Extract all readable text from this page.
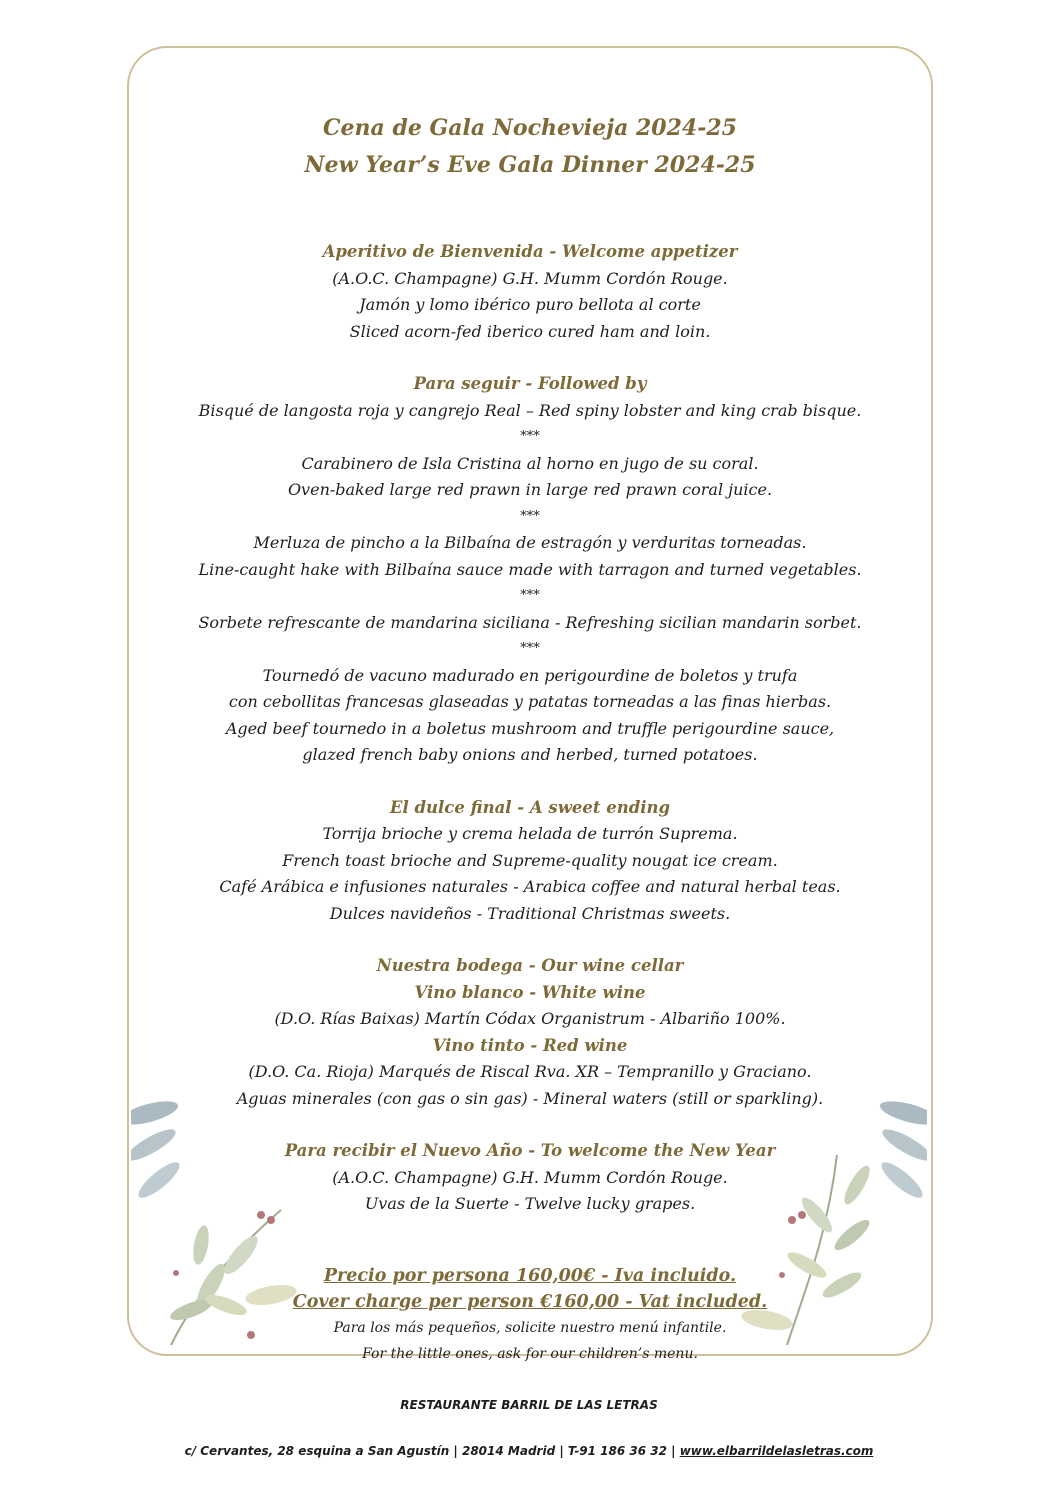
Cena de Gala Nochevieja 2024-25
New Year’s Eve Gala Dinner 2024-25
Aperitivo de Bienvenida - Welcome appetizer
(A.O.C. Champagne) G.H. Mumm Cordón Rouge.
Jamón y lomo ibérico puro bellota al corte
Sliced acorn-fed iberico cured ham and loin.
Para seguir - Followed by
Bisqué de langosta roja y cangrejo Real – Red spiny lobster and king crab bisque.
***
Carabinero de Isla Cristina al horno en jugo de su coral.
Oven-baked large red prawn in large red prawn coral juice.
***
Merluza de pincho a la Bilbaína de estragón y verduritas torneadas.
Line-caught hake with Bilbaína sauce made with tarragon and turned vegetables.
***
Sorbete refrescante de mandarina siciliana - Refreshing sicilian mandarin sorbet.
***
Tournedó de vacuno madurado en perigourdine de boletos y trufa
con cebollitas francesas glaseadas y patatas torneadas a las finas hierbas.
Aged beef tournedo in a boletus mushroom and truffle perigourdine sauce,
glazed french baby onions and herbed, turned potatoes.
El dulce final - A sweet ending
Torrija brioche y crema helada de turrón Suprema.
French toast brioche and Supreme-quality nougat ice cream.
Café Arábica e infusiones naturales - Arabica coffee and natural herbal teas.
Dulces navideños - Traditional Christmas sweets.
Nuestra bodega - Our wine cellar
Vino blanco - White wine
(D.O. Rías Baixas) Martín Códax Organistrum - Albariño 100%.
Vino tinto - Red wine
(D.O. Ca. Rioja) Marqués de Riscal Rva. XR – Tempranillo y Graciano.
Aguas minerales (con gas o sin gas) - Mineral waters (still or sparkling).
Para recibir el Nuevo Año - To welcome the New Year
(A.O.C. Champagne) G.H. Mumm Cordón Rouge.
Uvas de la Suerte - Twelve lucky grapes.
Precio por persona 160,00€ - Iva incluido.
Cover charge per person €160,00 - Vat included.
Para los más pequeños, solicite nuestro menú infantile.
For the little ones, ask for our children’s menu.
RESTAURANTE BARRIL DE LAS LETRAS
c/ Cervantes, 28 esquina a San Agustín | 28014 Madrid | T-91 186 36 32 | www.elbarrildelasletras.com
